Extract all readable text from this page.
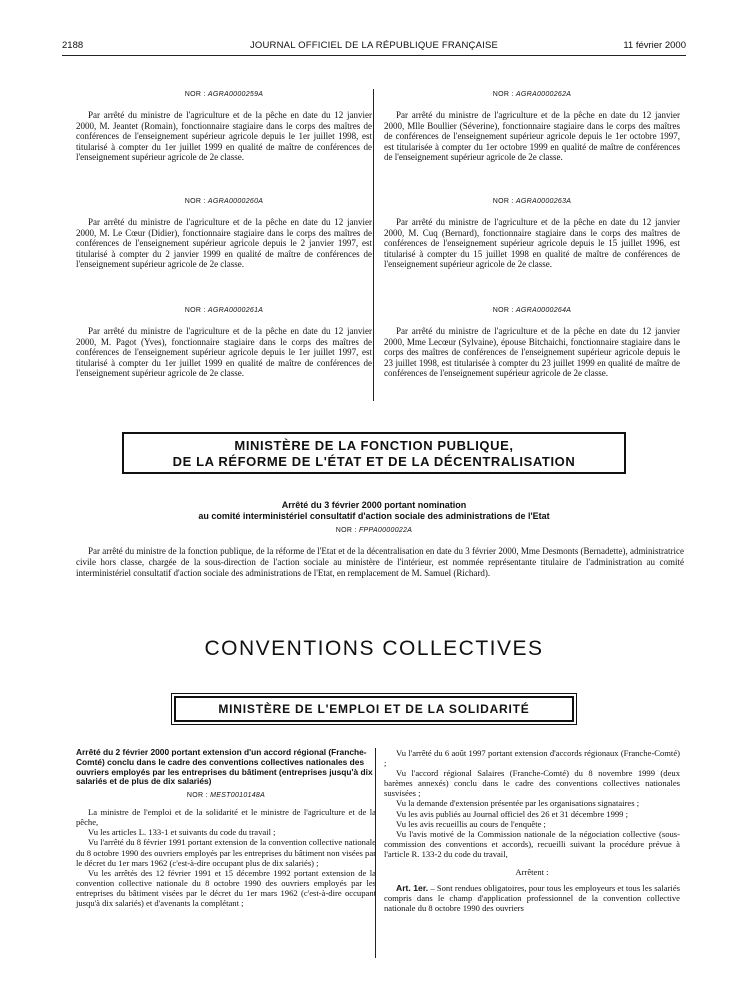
2188	JOURNAL OFFICIEL DE LA RÉPUBLIQUE FRANÇAISE	11 février 2000
NOR : AGRA0000259A

Par arrêté du ministre de l'agriculture et de la pêche en date du 12 janvier 2000, M. Jeantet (Romain), fonctionnaire stagiaire dans le corps des maîtres de conférences de l'enseignement supérieur agricole depuis le 1er juillet 1998, est titularisé à compter du 1er juillet 1999 en qualité de maître de conférences de l'enseignement supérieur agricole de 2e classe.

NOR : AGRA0000260A

Par arrêté du ministre de l'agriculture et de la pêche en date du 12 janvier 2000, M. Le Cœur (Didier), fonctionnaire stagiaire dans le corps des maîtres de conférences de l'enseignement supérieur agricole depuis le 2 janvier 1997, est titularisé à compter du 2 janvier 1999 en qualité de maître de conférences de l'enseignement supérieur agricole de 2e classe.

NOR : AGRA0000261A

Par arrêté du ministre de l'agriculture et de la pêche en date du 12 janvier 2000, M. Pagot (Yves), fonctionnaire stagiaire dans le corps des maîtres de conférences de l'enseignement supérieur agricole depuis le 1er juillet 1997, est titularisé à compter du 1er juillet 1999 en qualité de maître de conférences de l'enseignement supérieur agricole de 2e classe.

NOR : AGRA0000262A

Par arrêté du ministre de l'agriculture et de la pêche en date du 12 janvier 2000, Mlle Boullier (Séverine), fonctionnaire stagiaire dans le corps des maîtres de conférences de l'enseignement supérieur agricole depuis le 1er octobre 1997, est titularisée à compter du 1er octobre 1999 en qualité de maître de conférences de l'enseignement supérieur agricole de 2e classe.

NOR : AGRA0000263A

Par arrêté du ministre de l'agriculture et de la pêche en date du 12 janvier 2000, M. Cuq (Bernard), fonctionnaire stagiaire dans le corps des maîtres de conférences de l'enseignement supérieur agricole depuis le 15 juillet 1996, est titularisé à compter du 15 juillet 1998 en qualité de maître de conférences de l'enseignement supérieur agricole de 2e classe.

NOR : AGRA0000264A

Par arrêté du ministre de l'agriculture et de la pêche en date du 12 janvier 2000, Mme Lecœur (Sylvaine), épouse Bitchaichi, fonctionnaire stagiaire dans le corps des maîtres de conférences de l'enseignement supérieur agricole depuis le 23 juillet 1998, est titularisée à compter du 23 juillet 1999 en qualité de maître de conférences de l'enseignement supérieur agricole de 2e classe.

MINISTÈRE DE LA FONCTION PUBLIQUE,
DE LA RÉFORME DE L'ÉTAT ET DE LA DÉCENTRALISATION
Arrêté du 3 février 2000 portant nomination
au comité interministériel consultatif d'action sociale des administrations de l'Etat
NOR : FPPA0000022A

Par arrêté du ministre de la fonction publique, de la réforme de l'Etat et de la décentralisation en date du 3 février 2000, Mme Desmonts (Bernadette), administratrice civile hors classe, chargée de la sous-direction de l'action sociale au ministère de l'intérieur, est nommée représentante titulaire de l'administration au comité interministériel consultatif d'action sociale des administrations de l'Etat, en remplacement de M. Samuel (Richard).

CONVENTIONS COLLECTIVES
MINISTÈRE DE L'EMPLOI ET DE LA SOLIDARITÉ

Arrêté du 2 février 2000 portant extension d'un accord régional (Franche-Comté) conclu dans le cadre des conventions collectives nationales des ouvriers employés par les entreprises du bâtiment (entreprises jusqu'à dix salariés et de plus de dix salariés)

NOR : MEST0010148A

La ministre de l'emploi et de la solidarité et le ministre de l'agriculture et de la pêche,

Vu les articles L. 133-1 et suivants du code du travail ;

Vu l'arrêté du 8 février 1991 portant extension de la convention collective nationale du 8 octobre 1990 des ouvriers employés par les entreprises du bâtiment non visées par le décret du 1er mars 1962 (c'est-à-dire occupant plus de dix salariés) ;

Vu les arrêtés des 12 février 1991 et 15 décembre 1992 portant extension de la convention collective nationale du 8 octobre 1990 des ouvriers employés par les entreprises du bâtiment visées par le décret du 1er mars 1962 (c'est-à-dire occupant jusqu'à dix salariés) et d'avenants la complétant ;

Vu l'arrêté du 6 août 1997 portant extension d'accords régionaux (Franche-Comté) ;

Vu l'accord régional Salaires (Franche-Comté) du 8 novembre 1999 (deux barèmes annexés) conclu dans le cadre des conventions collectives nationales susvisées ;

Vu la demande d'extension présentée par les organisations signataires ;

Vu les avis publiés au Journal officiel des 26 et 31 décembre 1999 ;

Vu les avis recueillis au cours de l'enquête ;

Vu l'avis motivé de la Commission nationale de la négociation collective (sous-commission des conventions et accords), recueilli suivant la procédure prévue à l'article R. 133-2 du code du travail,

Arrêtent :

Art. 1er. – Sont rendues obligatoires, pour tous les employeurs et tous les salariés compris dans le champ d'application professionnel de la convention collective nationale du 8 octobre 1990 des ouvriers
